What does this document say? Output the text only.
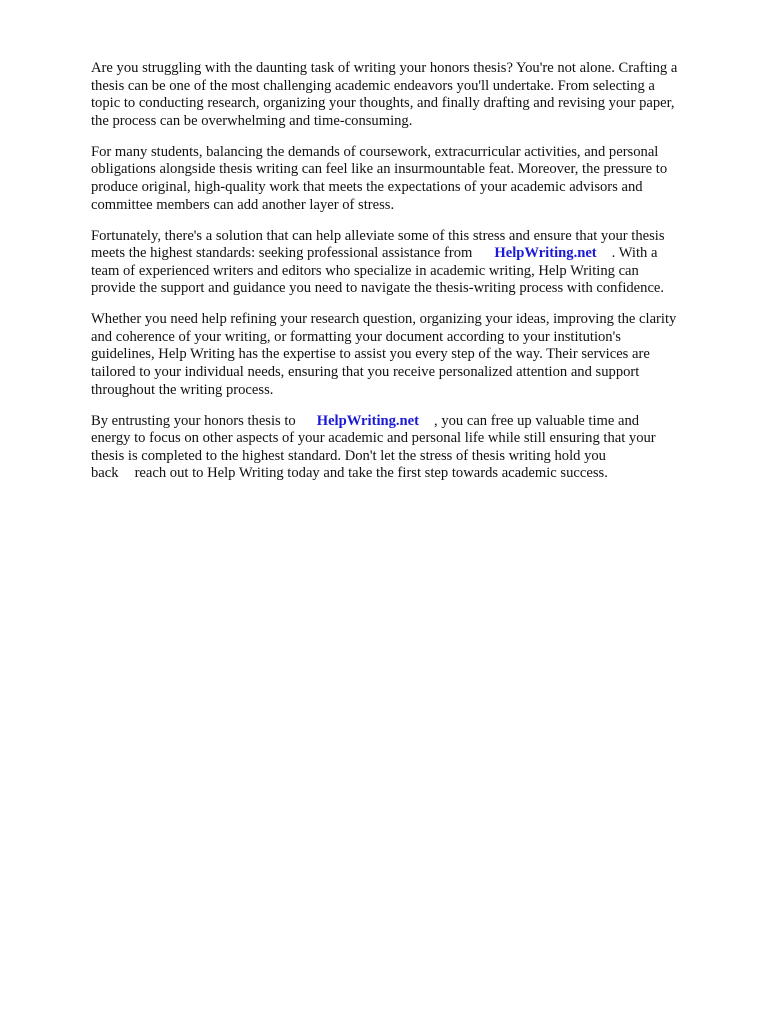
Are you struggling with the daunting task of writing your honors thesis? You're not alone. Crafting a
thesis can be one of the most challenging academic endeavors you'll undertake. From selecting a
topic to conducting research, organizing your thoughts, and finally drafting and revising your paper,
the process can be overwhelming and time-consuming.
For many students, balancing the demands of coursework, extracurricular activities, and personal
obligations alongside thesis writing can feel like an insurmountable feat. Moreover, the pressure to
produce original, high-quality work that meets the expectations of your academic advisors and
committee members can add another layer of stress.
Fortunately, there's a solution that can help alleviate some of this stress and ensure that your thesis
meets the highest standards: seeking professional assistance from HelpWriting.net . With a
team of experienced writers and editors who specialize in academic writing, Help Writing can
provide the support and guidance you need to navigate the thesis-writing process with confidence.
Whether you need help refining your research question, organizing your ideas, improving the clarity
and coherence of your writing, or formatting your document according to your institution's
guidelines, Help Writing has the expertise to assist you every step of the way. Their services are
tailored to your individual needs, ensuring that you receive personalized attention and support
throughout the writing process.
By entrusting your honors thesis to HelpWriting.net , you can free up valuable time and
energy to focus on other aspects of your academic and personal life while still ensuring that your
thesis is completed to the highest standard. Don't let the stress of thesis writing hold you
back reach out to Help Writing today and take the first step towards academic success.
